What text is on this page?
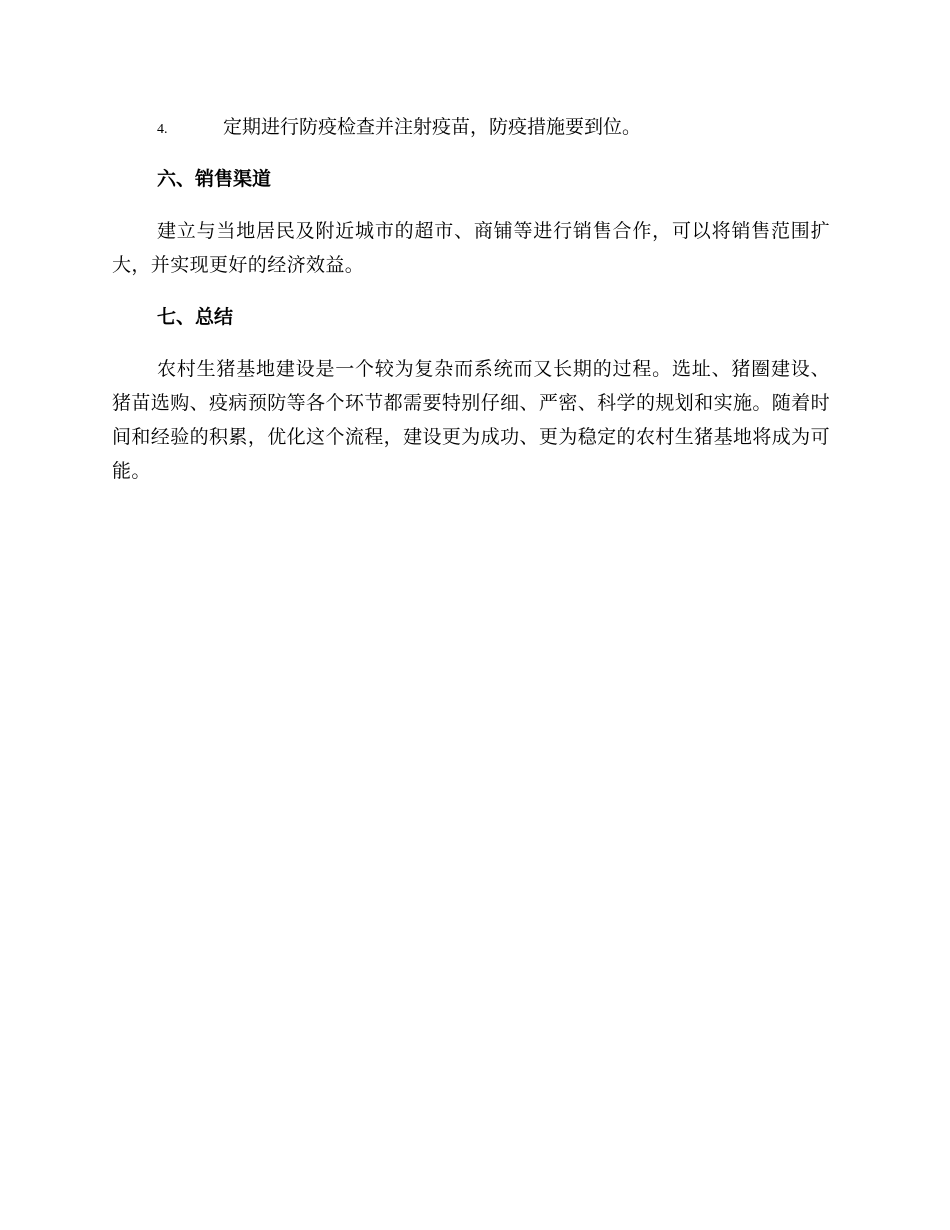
4.	定期进行防疫检查并注射疫苗，防疫措施要到位。
六、销售渠道

建立与当地居民及附近城市的超市、商铺等进行销售合作，可以将销售范围扩大，并实现更好的经济效益。

七、总结

农村生猪基地建设是一个较为复杂而系统而又长期的过程。选址、猪圈建设、猪苗选购、疫病预防等各个环节都需要特别仔细、严密、科学的规划和实施。随着时间和经验的积累，优化这个流程，建设更为成功、更为稳定的农村生猪基地将成为可能。
